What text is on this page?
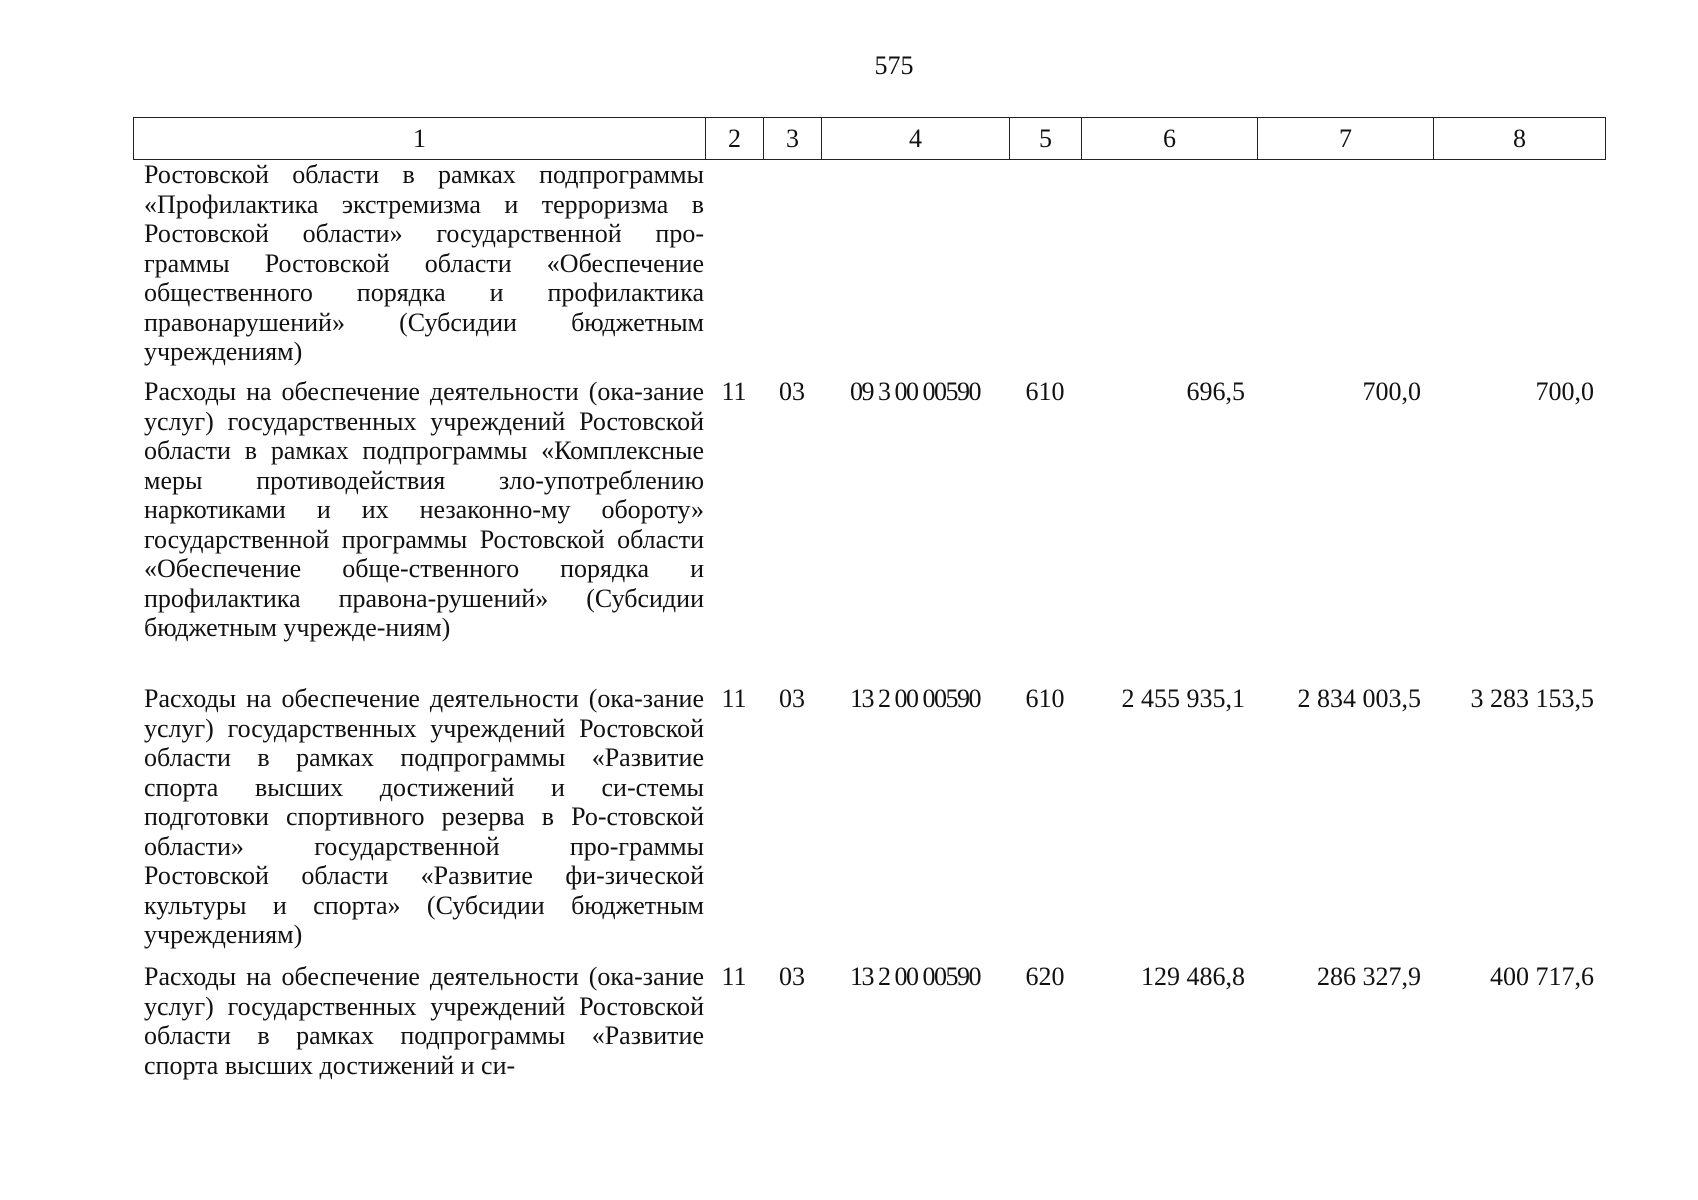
575
1	2	3	4	5	6	7	8
Ростовской области в рамках подпрограммы «Профилактика экстремизма и терроризма в Ростовской области» государственной про-граммы Ростовской области «Обеспечение общественного порядка и профилактика правонарушений» (Субсидии бюджетным учреждениям)
Расходы на обеспечение деятельности (ока-зание услуг) государственных учреждений Ростовской области в рамках подпрограммы «Комплексные меры противодействия зло-употреблению наркотиками и их незаконно-му обороту» государственной программы Ростовской области «Обеспечение обще-ственного порядка и профилактика правона-рушений» (Субсидии бюджетным учрежде-ниям)
11	03	09 3 00 00590	610	696,5	700,0	700,0
Расходы на обеспечение деятельности (ока-зание услуг) государственных учреждений Ростовской области в рамках подпрограммы «Развитие спорта высших достижений и си-стемы подготовки спортивного резерва в Ро-стовской области» государственной про-граммы Ростовской области «Развитие фи-зической культуры и спорта» (Субсидии бюджетным учреждениям)
11	03	13 2 00 00590	610	2 455 935,1	2 834 003,5	3 283 153,5
Расходы на обеспечение деятельности (ока-зание услуг) государственных учреждений Ростовской области в рамках подпрограммы «Развитие спорта высших достижений и си-
11	03	13 2 00 00590	620	129 486,8	286 327,9	400 717,6
